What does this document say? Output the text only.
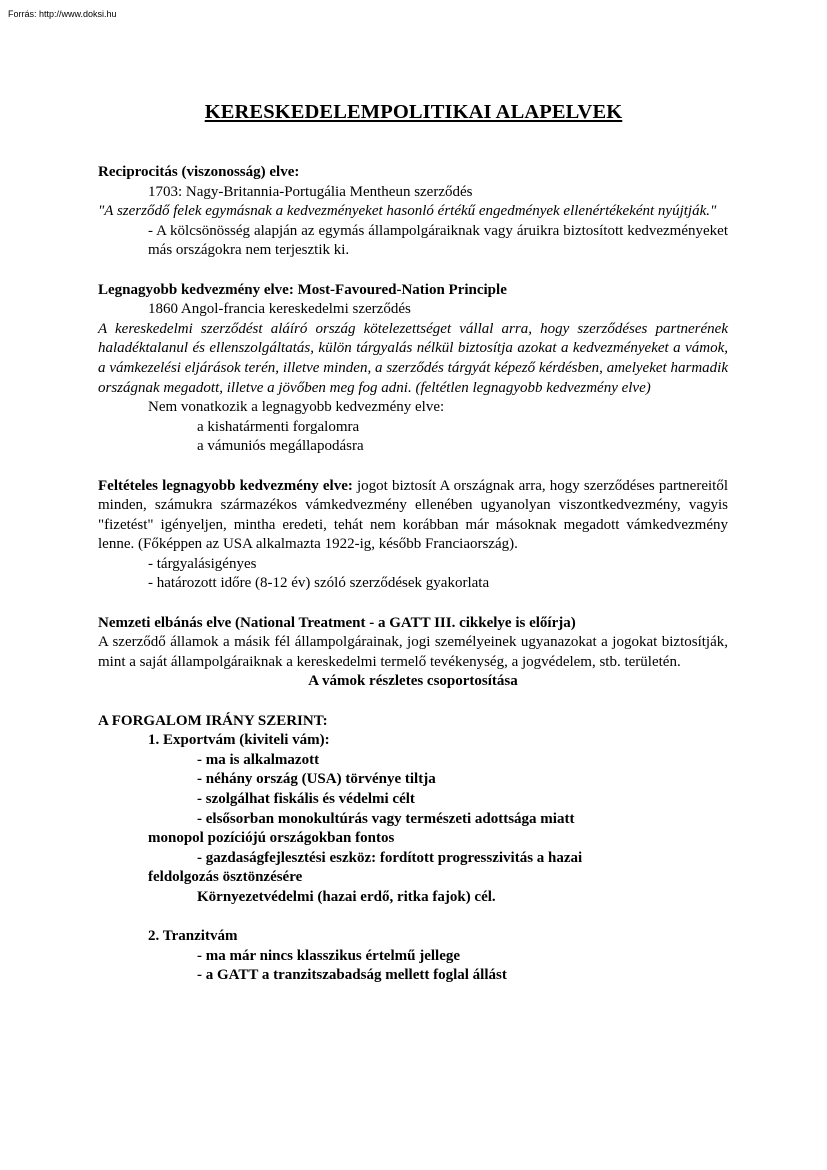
Forrás: http://www.doksi.hu
KERESKEDELEMPOLITIKAI ALAPELVEK

Reciprocitás (viszonosság) elve:

1703: Nagy-Britannia-Portugália Mentheun szerződés

"A szerződő felek egymásnak a kedvezményeket hasonló értékű engedmények ellenértékeként nyújtják."

- A kölcsönösség alapján az egymás állampolgáraiknak vagy áruikra biztosított kedvezményeket más országokra nem terjesztik ki.

Legnagyobb kedvezmény elve: Most-Favoured-Nation Principle

1860 Angol-francia kereskedelmi szerződés

A kereskedelmi szerződést aláíró ország kötelezettséget vállal arra, hogy szerződéses partnerének haladéktalanul és ellenszolgáltatás, külön tárgyalás nélkül biztosítja azokat a kedvezményeket a vámok, a vámkezelési eljárások terén, illetve minden, a szerződés tárgyát képező kérdésben, amelyeket harmadik országnak megadott, illetve a jövőben meg fog adni. (feltétlen legnagyobb kedvezmény elve)

Nem vonatkozik a legnagyobb kedvezmény elve:

a kishatármenti forgalomra

a vámuniós megállapodásra

Feltételes legnagyobb kedvezmény elve: jogot biztosít A országnak arra, hogy szerződéses partnereitől minden, számukra származékos vámkedvezmény ellenében ugyanolyan viszontkedvezmény, vagyis "fizetést" igényeljen, mintha eredeti, tehát nem korábban már másoknak megadott vámkedvezmény lenne. (Főképpen az USA alkalmazta 1922-ig, később Franciaország).

- tárgyalásigényes

- határozott időre (8-12 év) szóló szerződések gyakorlata

Nemzeti elbánás elve (National Treatment - a GATT III. cikkelye is előírja)

A szerződő államok a másik fél állampolgárainak, jogi személyeinek ugyanazokat a jogokat biztosítják, mint a saját állampolgáraiknak a kereskedelmi termelő tevékenység, a jogvédelem, stb. területén.

A vámok részletes csoportosítása

A FORGALOM IRÁNY SZERINT:

1. Exportvám (kiviteli vám):

- ma is alkalmazott

- néhány ország (USA) törvénye tiltja

- szolgálhat fiskális és védelmi célt

- elsősorban monokultúrás vagy természeti adottsága miatt

monopol pozíciójú országokban fontos

- gazdaságfejlesztési eszköz: fordított progresszivitás a hazai

feldolgozás ösztönzésére

Környezetvédelmi (hazai erdő, ritka fajok) cél.

2. Tranzitvám

- ma már nincs klasszikus értelmű jellege

- a GATT a tranzitszabadság mellett foglal állást
